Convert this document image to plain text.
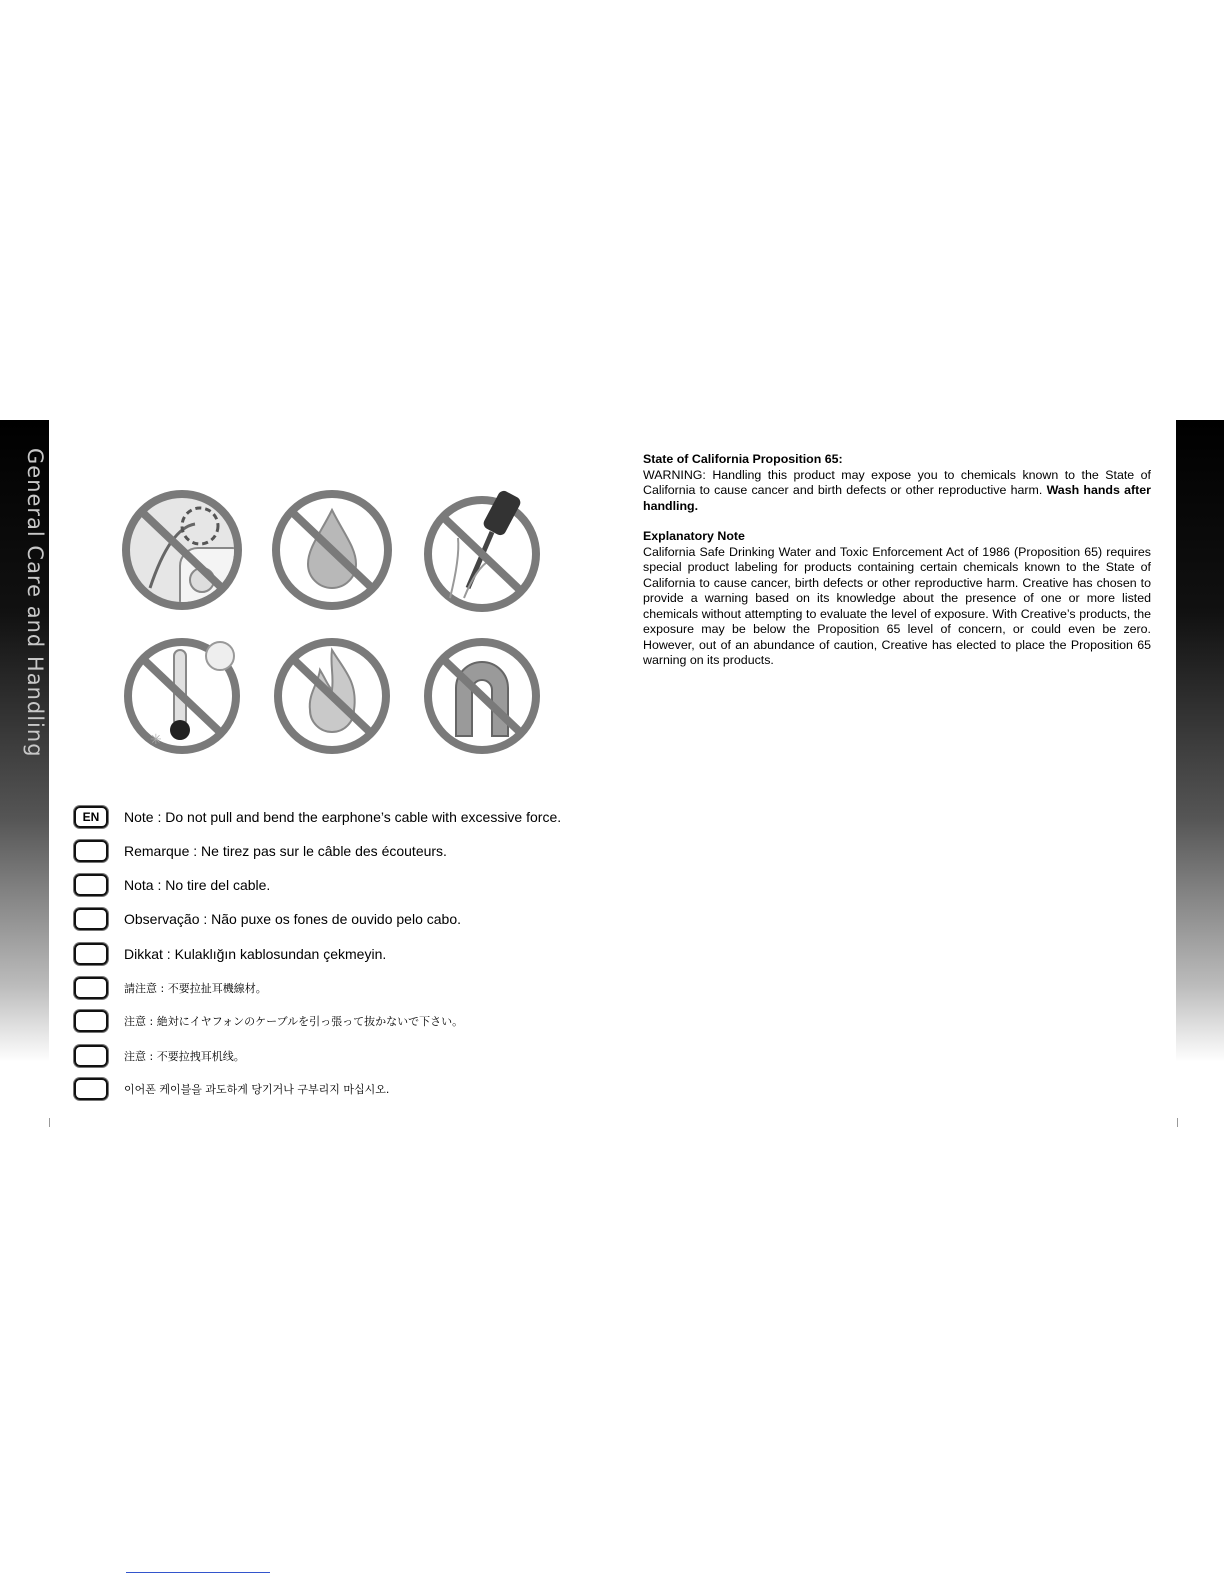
General Care and Handling	✳
EN	Note : Do not pull and bend the earphone’s cable with excessive force.
Remarque : Ne tirez pas sur le câble des écouteurs.
Nota : No tire del cable.
Observação : Não puxe os fones de ouvido pelo cabo.
Dikkat : Kulaklığın kablosundan çekmeyin.
請注意 : 不要拉扯耳機線材。
注意 : 絶対にイヤフォンのケーブルを引っ張って抜かないで下さい。
注意 : 不要拉拽耳机线。
이어폰 케이블을 과도하게 당기거나 구부리지 마십시오.
State of California Proposition 65:

WARNING: Handling this product may expose you to chemicals known to the State of California to cause cancer and birth defects or other reproductive harm. Wash hands after handling.

Explanatory Note

California Safe Drinking Water and Toxic Enforcement Act of 1986 (Proposition 65) requires special product labeling for products containing certain chemicals known to the State of California to cause cancer, birth defects or other reproductive harm. Creative has chosen to provide a warning based on its knowledge about the presence of one or more listed chemicals without attempting to evaluate the level of exposure. With Creative’s products, the exposure may be below the Proposition 65 level of concern, or could even be zero. However, out of an abundance of caution, Creative has elected to place the Proposition 65 warning on its products.
